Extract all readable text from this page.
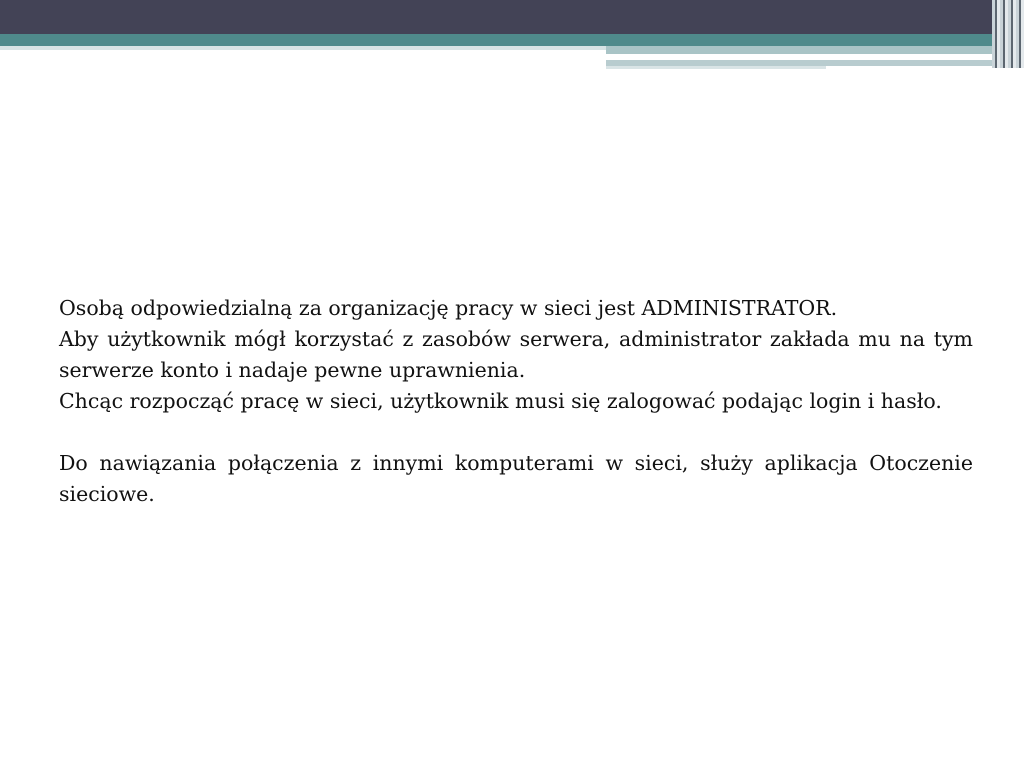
Osobą odpowiedzialną za organizację pracy w sieci jest ADMINISTRATOR.

Aby użytkownik mógł korzystać z zasobów serwera, administrator zakłada mu na tym serwerze konto i nadaje pewne uprawnienia.

Chcąc rozpocząć pracę w sieci, użytkownik musi się zalogować podając login i hasło.

Do nawiązania połączenia z innymi komputerami w sieci, służy aplikacja Otoczenie sieciowe.
